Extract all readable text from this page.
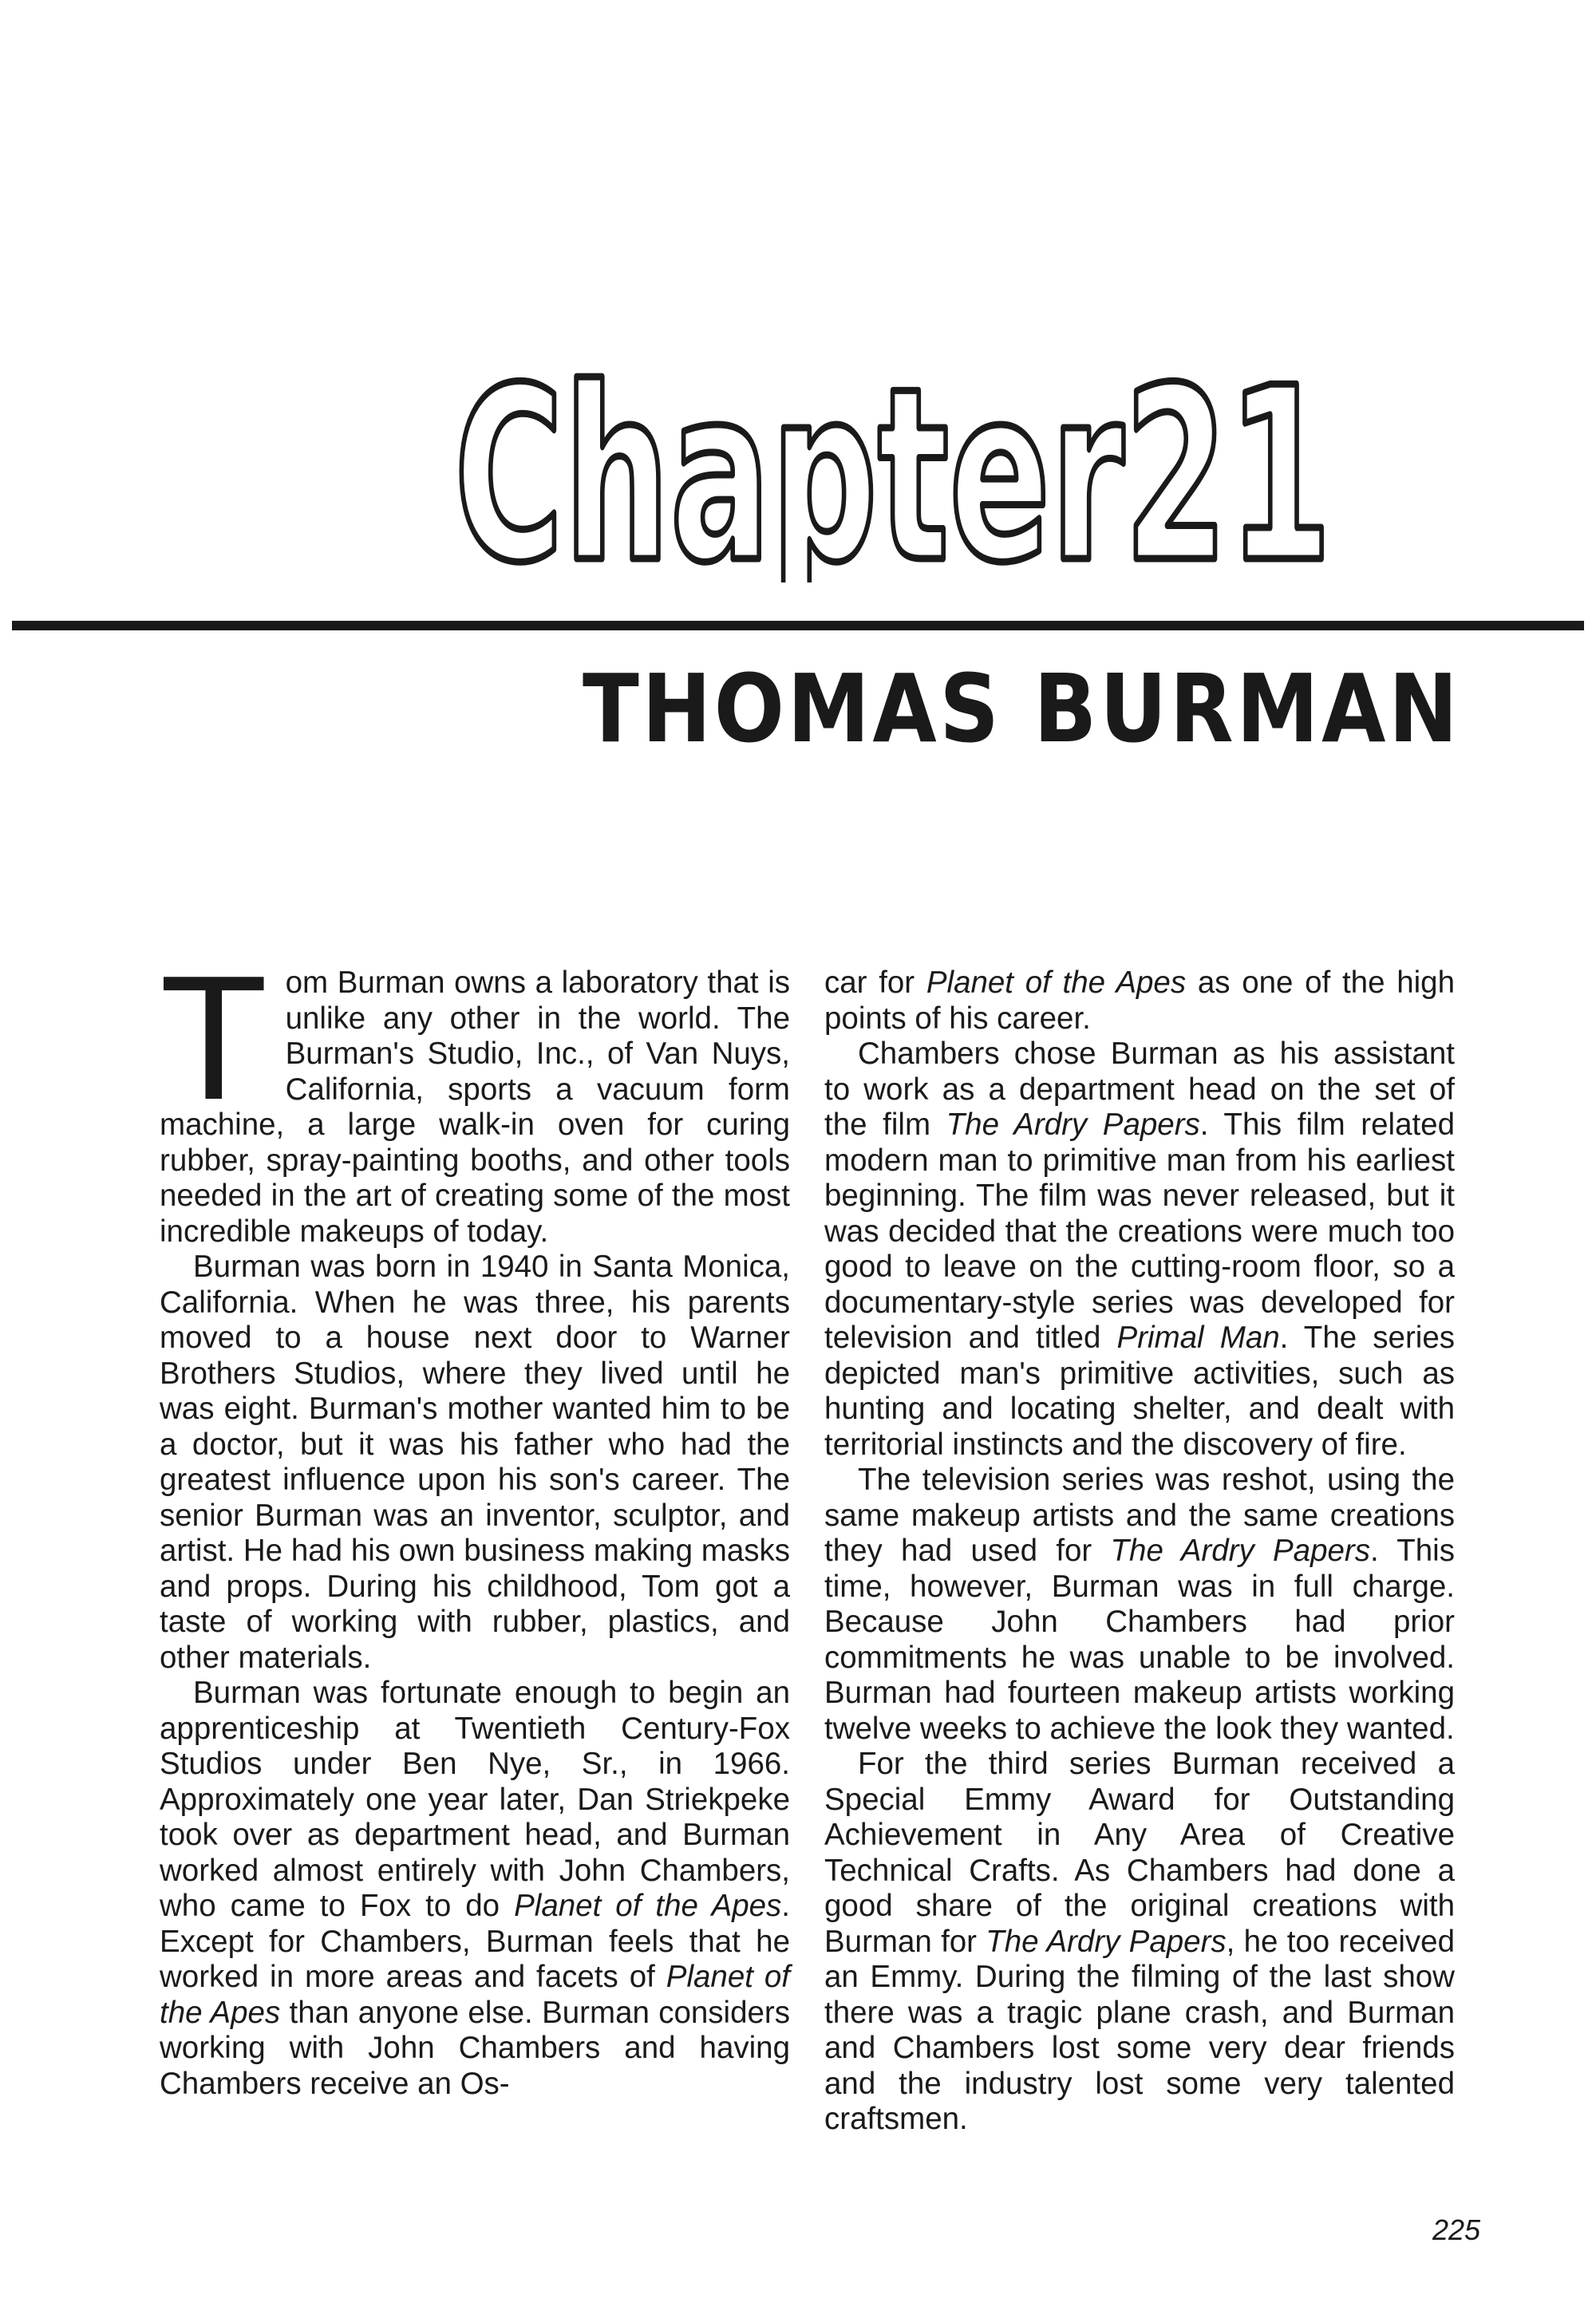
Chapt 2
THOMAS BURMAN

Tom Burman owns a laboratory that is unlike any other in the world. The Burman's Studio, Inc., of Van Nuys, California, sports a vacuum form machine, a large walk-in oven for curing rubber, spray-painting booths, and other tools needed in the art of creating some of the most incredible makeups of today.

Burman was born in 1940 in Santa Monica, California. When he was three, his parents moved to a house next door to Warner Brothers Studios, where they lived until he was eight. Burman's mother wanted him to be a doctor, but it was his father who had the greatest influence upon his son's career. The senior Burman was an inventor, sculptor, and artist. He had his own business making masks and props. During his childhood, Tom got a taste of working with rubber, plastics, and other materials.

Burman was fortunate enough to begin an apprenticeship at Twentieth Century-Fox Studios under Ben Nye, Sr., in 1966. Approximately one year later, Dan Striekpeke took over as department head, and Burman worked almost entirely with John Chambers, who came to Fox to do Planet of the Apes. Except for Chambers, Burman feels that he worked in more areas and facets of Planet of the Apes than anyone else. Burman considers working with John Chambers and having Chambers receive an Os-

car for Planet of the Apes as one of the high points of his career.

Chambers chose Burman as his assistant to work as a department head on the set of the film The Ardry Papers. This film related modern man to primitive man from his earliest beginning. The film was never released, but it was decided that the creations were much too good to leave on the cutting-room floor, so a documentary-style series was developed for television and titled Primal Man. The series depicted man's primitive activities, such as hunting and locating shelter, and dealt with territorial instincts and the discovery of fire.

The television series was reshot, using the same makeup artists and the same creations they had used for The Ardry Papers. This time, however, Burman was in full charge. Because John Chambers had prior commitments he was unable to be involved. Burman had fourteen makeup artists working twelve weeks to achieve the look they wanted.

For the third series Burman received a Special Emmy Award for Outstanding Achievement in Any Area of Creative Technical Crafts. As Chambers had done a good share of the original creations with Burman for The Ardry Papers, he too received an Emmy. During the filming of the last show there was a tragic plane crash, and Burman and Chambers lost some very dear friends and the industry lost some very talented craftsmen.

225
